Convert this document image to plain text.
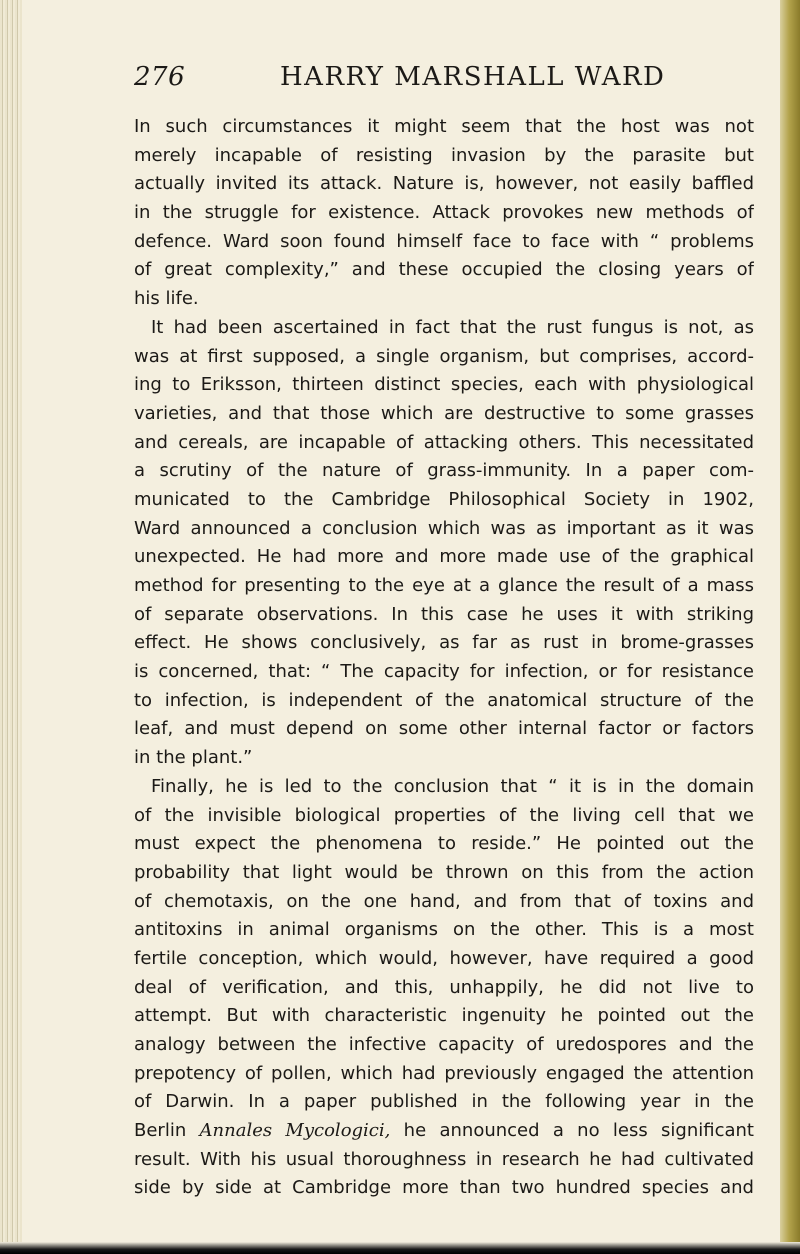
276	HARRY MARSHALL WARD
In such circumstances it might seem that the host was not
merely incapable of resisting invasion by the parasite but
actually invited its attack. Nature is, however, not easily baffled
in the struggle for existence. Attack provokes new methods of
defence. Ward soon found himself face to face with “ problems
of great complexity,” and these occupied the closing years of
his life.
It had been ascertained in fact that the rust fungus is not, as
was at first supposed, a single organism, but comprises, accord-
ing to Eriksson, thirteen distinct species, each with physiological
varieties, and that those which are destructive to some grasses
and cereals, are incapable of attacking others. This necessitated
a scrutiny of the nature of grass-immunity. In a paper com-
municated to the Cambridge Philosophical Society in 1902,
Ward announced a conclusion which was as important as it was
unexpected. He had more and more made use of the graphical
method for presenting to the eye at a glance the result of a mass
of separate observations. In this case he uses it with striking
effect. He shows conclusively, as far as rust in brome-grasses
is concerned, that: “ The capacity for infection, or for resistance
to infection, is independent of the anatomical structure of the
leaf, and must depend on some other internal factor or factors
in the plant.”
Finally, he is led to the conclusion that “ it is in the domain
of the invisible biological properties of the living cell that we
must expect the phenomena to reside.” He pointed out the
probability that light would be thrown on this from the action
of chemotaxis, on the one hand, and from that of toxins and
antitoxins in animal organisms on the other. This is a most
fertile conception, which would, however, have required a good
deal of verification, and this, unhappily, he did not live to
attempt. But with characteristic ingenuity he pointed out the
analogy between the infective capacity of uredospores and the
prepotency of pollen, which had previously engaged the attention
of Darwin. In a paper published in the following year in the
Berlin Annales Mycologici, he announced a no less significant
result. With his usual thoroughness in research he had cultivated
side by side at Cambridge more than two hundred species and
